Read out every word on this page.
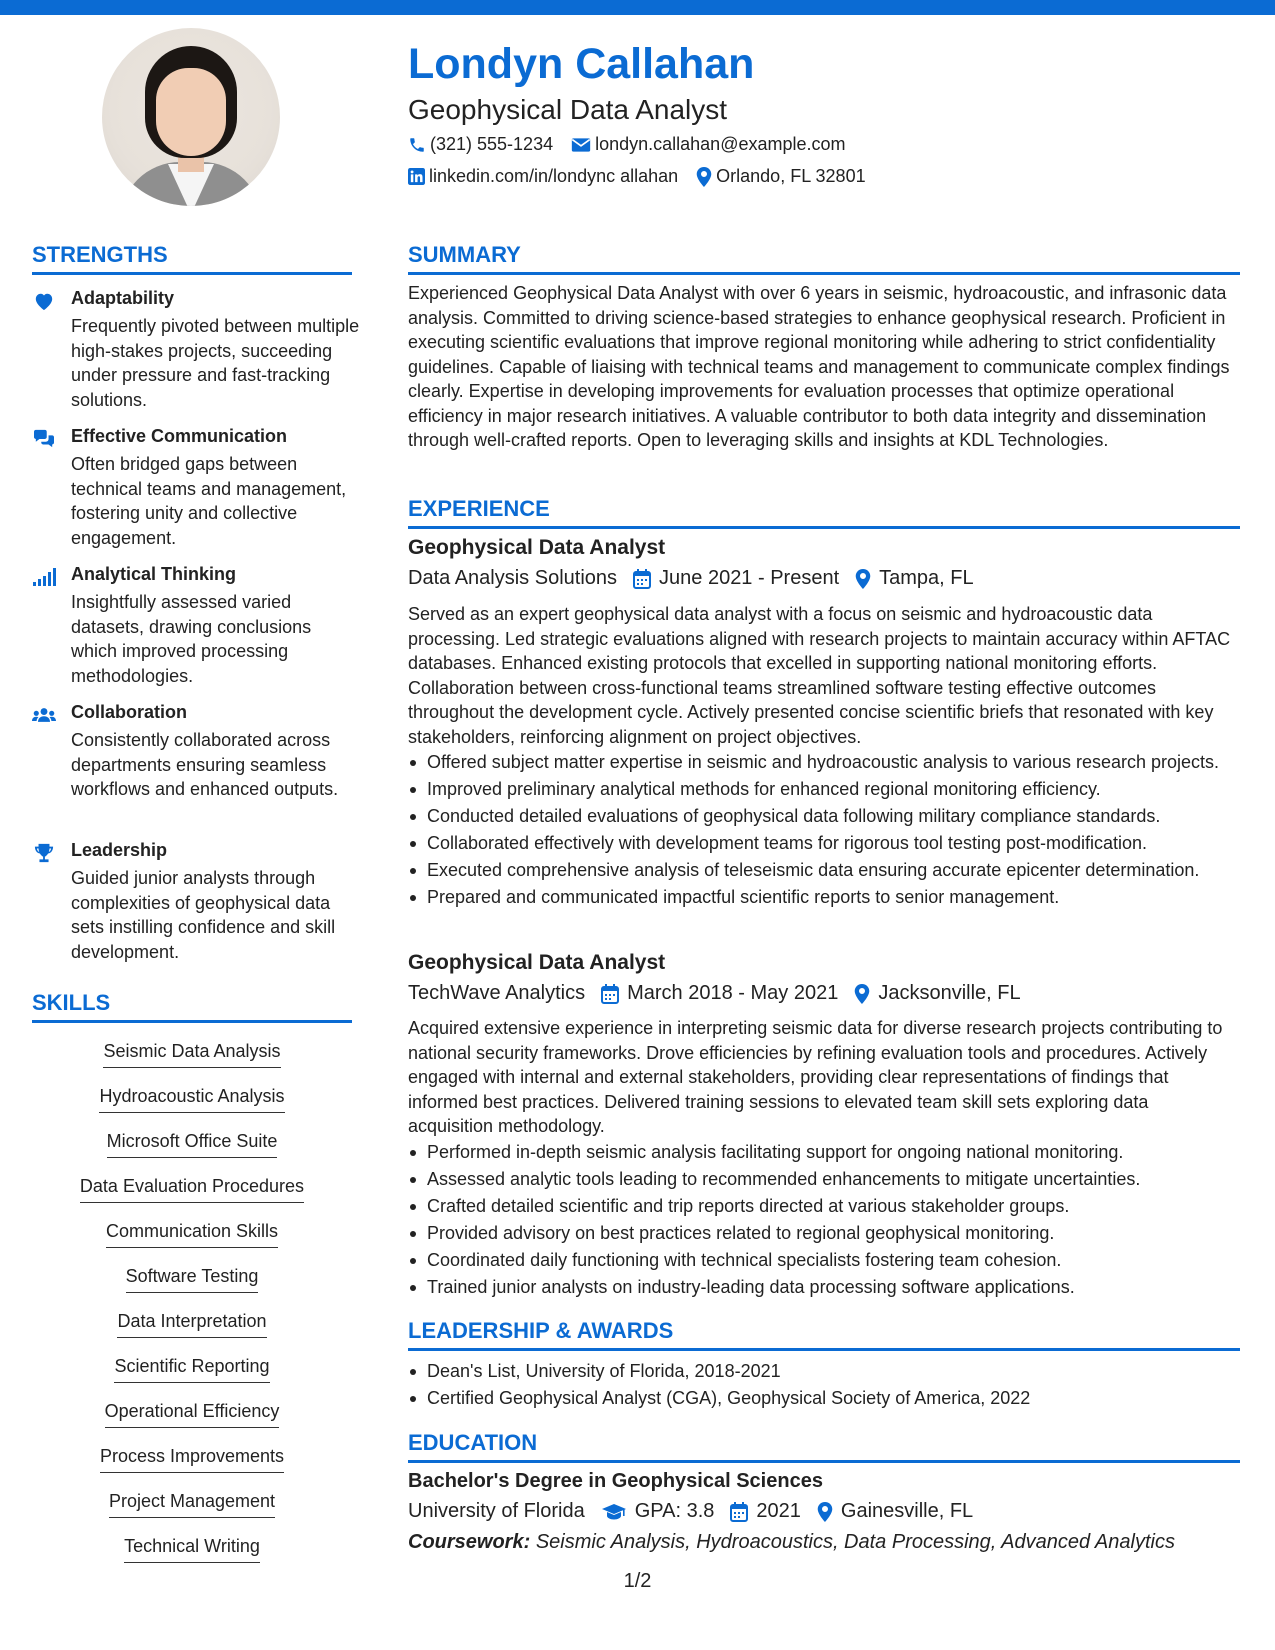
Londyn Callahan
Geophysical Data Analyst
(321) 555-1234 londyn.callahan@example.com
linkedin.com/in/londync allahan Orlando, FL 32801
STRENGTHS
Adaptability
Frequently pivoted between multiple high-stakes projects, succeeding under pressure and fast-tracking solutions.
Effective Communication
Often bridged gaps between technical teams and management, fostering unity and collective engagement.
Analytical Thinking
Insightfully assessed varied datasets, drawing conclusions which improved processing methodologies.
Collaboration
Consistently collaborated across departments ensuring seamless workflows and enhanced outputs.
Leadership
Guided junior analysts through complexities of geophysical data sets instilling confidence and skill development.
SKILLS
Seismic Data Analysis
Hydroacoustic Analysis
Microsoft Office Suite
Data Evaluation Procedures
Communication Skills
Software Testing
Data Interpretation
Scientific Reporting
Operational Efficiency
Process Improvements
Project Management
Technical Writing
SUMMARY
Experienced Geophysical Data Analyst with over 6 years in seismic, hydroacoustic, and infrasonic data analysis. Committed to driving science-based strategies to enhance geophysical research. Proficient in executing scientific evaluations that improve regional monitoring while adhering to strict confidentiality guidelines. Capable of liaising with technical teams and management to communicate complex findings clearly. Expertise in developing improvements for evaluation processes that optimize operational efficiency in major research initiatives. A valuable contributor to both data integrity and dissemination through well-crafted reports. Open to leveraging skills and insights at KDL Technologies.
EXPERIENCE
Geophysical Data Analyst
Data Analysis Solutions June 2021 - Present Tampa, FL
Served as an expert geophysical data analyst with a focus on seismic and hydroacoustic data processing. Led strategic evaluations aligned with research projects to maintain accuracy within AFTAC databases. Enhanced existing protocols that excelled in supporting national monitoring efforts. Collaboration between cross-functional teams streamlined software testing effective outcomes throughout the development cycle. Actively presented concise scientific briefs that resonated with key stakeholders, reinforcing alignment on project objectives.
Offered subject matter expertise in seismic and hydroacoustic analysis to various research projects.
Improved preliminary analytical methods for enhanced regional monitoring efficiency.
Conducted detailed evaluations of geophysical data following military compliance standards.
Collaborated effectively with development teams for rigorous tool testing post-modification.
Executed comprehensive analysis of teleseismic data ensuring accurate epicenter determination.
Prepared and communicated impactful scientific reports to senior management.
Geophysical Data Analyst
TechWave Analytics March 2018 - May 2021 Jacksonville, FL
Acquired extensive experience in interpreting seismic data for diverse research projects contributing to national security frameworks. Drove efficiencies by refining evaluation tools and procedures. Actively engaged with internal and external stakeholders, providing clear representations of findings that informed best practices. Delivered training sessions to elevated team skill sets exploring data acquisition methodology.
Performed in-depth seismic analysis facilitating support for ongoing national monitoring.
Assessed analytic tools leading to recommended enhancements to mitigate uncertainties.
Crafted detailed scientific and trip reports directed at various stakeholder groups.
Provided advisory on best practices related to regional geophysical monitoring.
Coordinated daily functioning with technical specialists fostering team cohesion.
Trained junior analysts on industry-leading data processing software applications.
LEADERSHIP & AWARDS
Dean's List, University of Florida, 2018-2021
Certified Geophysical Analyst (CGA), Geophysical Society of America, 2022
EDUCATION
Bachelor's Degree in Geophysical Sciences
University of Florida	GPA: 3.8 2021 Gainesville, FL
Coursework: Seismic Analysis, Hydroacoustics, Data Processing, Advanced Analytics
1/2
